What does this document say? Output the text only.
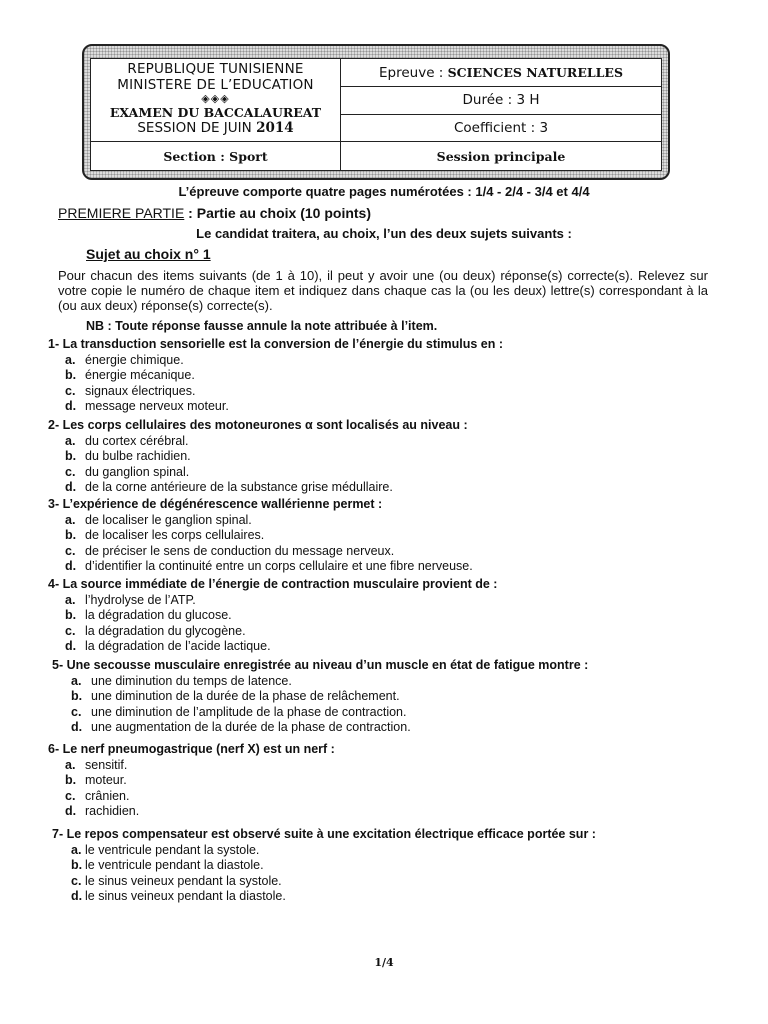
REPUBLIQUE TUNISIENNE
MINISTERE DE L’EDUCATION
◈◈◈
EXAMEN DU BACCALAUREAT
SESSION DE JUIN 2014
Epreuve :
SCIENCES NATURELLES
Durée : 3 H
Coefficient : 3
Section : Sport	Session principale
L’épreuve comporte quatre pages numérotées : 1/4 - 2/4 - 3/4 et 4/4
PREMIERE PARTIE : Partie au choix (10 points)
Le candidat traitera, au choix, l’un des deux sujets suivants :
Sujet au choix n° 1
Pour chacun des items suivants (de 1 à 10), il peut y avoir une (ou deux) réponse(s) correcte(s). Relevez sur votre copie le numéro de chaque item et indiquez dans chaque cas la (ou les deux) lettre(s) correspondant à la (ou aux deux) réponse(s) correcte(s).
NB : Toute réponse fausse annule la note attribuée à l’item.
1- La transduction sensorielle est la conversion de l’énergie du stimulus en :
a. énergie chimique.
b. énergie mécanique.
c. signaux électriques.
d. message nerveux moteur.
2- Les corps cellulaires des motoneurones α sont localisés au niveau :
a. du cortex cérébral.
b. du bulbe rachidien.
c. du ganglion spinal.
d. de la corne antérieure de la substance grise médullaire.
3- L’expérience de dégénérescence wallérienne permet :
a. de localiser le ganglion spinal.
b. de localiser les corps cellulaires.
c. de préciser le sens de conduction du message nerveux.
d. d’identifier la continuité entre un corps cellulaire et une fibre nerveuse.
4- La source immédiate de l’énergie de contraction musculaire provient de :
a. l’hydrolyse de l’ATP.
b. la dégradation du glucose.
c. la dégradation du glycogène.
d. la dégradation de l’acide lactique.
5- Une secousse musculaire enregistrée au niveau d’un muscle en état de fatigue montre :
a. une diminution du temps de latence.
b. une diminution de la durée de la phase de relâchement.
c. une diminution de l’amplitude de la phase de contraction.
d. une augmentation de la durée de la phase de contraction.
6- Le nerf pneumogastrique (nerf X) est un nerf :
a. sensitif.
b. moteur.
c. crânien.
d. rachidien.
7- Le repos compensateur est observé suite à une excitation électrique efficace portée sur :
a. le ventricule pendant la systole.
b. le ventricule pendant la diastole.
c. le sinus veineux pendant la systole.
d. le sinus veineux pendant la diastole.
1/4
